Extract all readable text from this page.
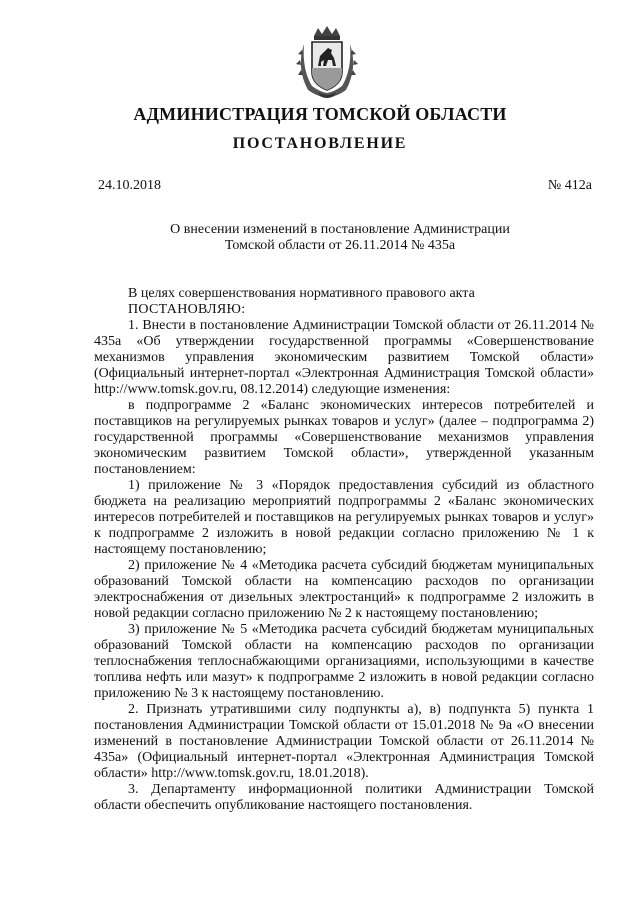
АДМИНИСТРАЦИЯ ТОМСКОЙ ОБЛАСТИ
ПОСТАНОВЛЕНИЕ
24.10.2018	№ 412а
О внесении изменений в постановление Администрации
Томской области от 26.11.2014 № 435а

В целях совершенствования нормативного правового акта

ПОСТАНОВЛЯЮ:

1. Внести в постановление Администрации Томской области от 26.11.2014 № 435а «Об утверждении государственной программы «Совершенствование механизмов управления экономическим развитием Томской области» (Официальный интернет-портал «Электронная Администрация Томской области» http://www.tomsk.gov.ru, 08.12.2014) следующие изменения:

в подпрограмме 2 «Баланс экономических интересов потребителей и поставщиков на регулируемых рынках товаров и услуг» (далее – подпрограмма 2) государственной программы «Совершенствование механизмов управления экономическим развитием Томской области», утвержденной указанным постановлением:

1) приложение № 3 «Порядок предоставления субсидий из областного бюджета на реализацию мероприятий подпрограммы 2 «Баланс экономических интересов потребителей и поставщиков на регулируемых рынках товаров и услуг» к подпрограмме 2 изложить в новой редакции согласно приложению № 1 к настоящему постановлению;

2) приложение № 4 «Методика расчета субсидий бюджетам муниципальных образований Томской области на компенсацию расходов по организации электроснабжения от дизельных электростанций» к подпрограмме 2 изложить в новой редакции согласно приложению № 2 к настоящему постановлению;

3) приложение № 5 «Методика расчета субсидий бюджетам муниципальных образований Томской области на компенсацию расходов по организации теплоснабжения теплоснабжающими организациями, использующими в качестве топлива нефть или мазут» к подпрограмме 2 изложить в новой редакции согласно приложению № 3 к настоящему постановлению.

2. Признать утратившими силу подпункты а), в) подпункта 5) пункта 1 постановления Администрации Томской области от 15.01.2018 № 9а «О внесении изменений в постановление Администрации Томской области от 26.11.2014 № 435а» (Официальный интернет-портал «Электронная Администрация Томской области» http://www.tomsk.gov.ru, 18.01.2018).

3. Департаменту информационной политики Администрации Томской области обеспечить опубликование настоящего постановления.
